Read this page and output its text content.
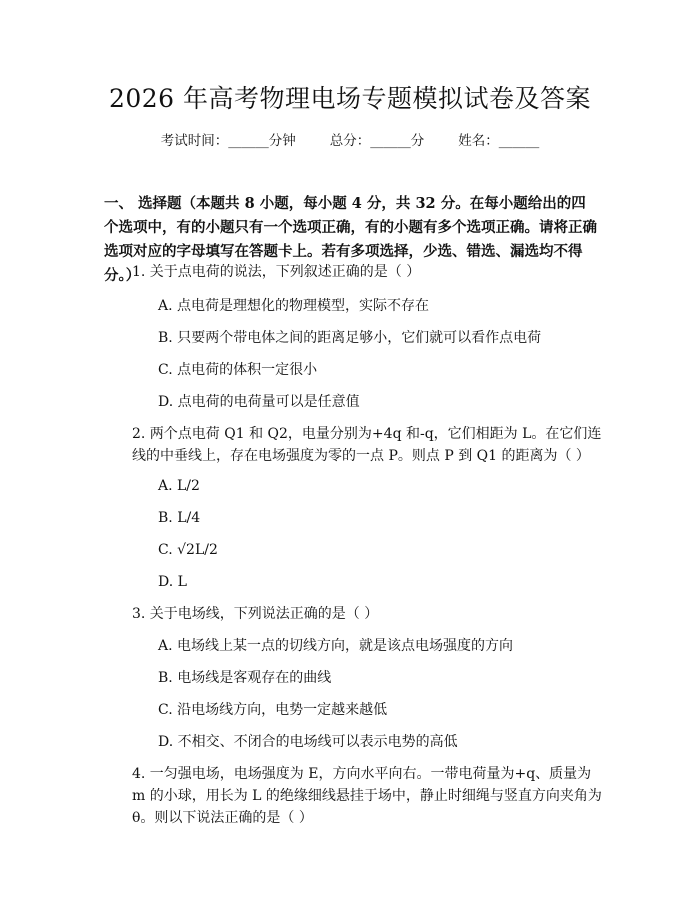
2026 年高考物理电场专题模拟试卷及答案
考试时间：______分钟	总分：______分	姓名：______
一、 选择题（本题共 8 小题，每小题 4 分，共 32 分。在每小题给出的四个选项中，有的小题只有一个选项正确，有的小题有多个选项正确。请将正确选项对应的字母填写在答题卡上。若有多项选择，少选、错选、漏选均不得分。）
1. 关于点电荷的说法，下列叙述正确的是（ ）
A. 点电荷是理想化的物理模型，实际不存在
B. 只要两个带电体之间的距离足够小，它们就可以看作点电荷
C. 点电荷的体积一定很小
D. 点电荷的电荷量可以是任意值
2. 两个点电荷 Q1 和 Q2，电量分别为+4q 和-q，它们相距为 L。在它们连线的中垂线上，存在电场强度为零的一点 P。则点 P 到 Q1 的距离为（ ）
A. L/2
B. L/4
C. √2L/2
D. L
3. 关于电场线，下列说法正确的是（ ）
A. 电场线上某一点的切线方向，就是该点电场强度的方向
B. 电场线是客观存在的曲线
C. 沿电场线方向，电势一定越来越低
D. 不相交、不闭合的电场线可以表示电势的高低
4. 一匀强电场，电场强度为 E，方向水平向右。一带电荷量为+q、质量为 m 的小球，用长为 L 的绝缘细线悬挂于场中，静止时细绳与竖直方向夹角为 θ。则以下说法正确的是（ ）
